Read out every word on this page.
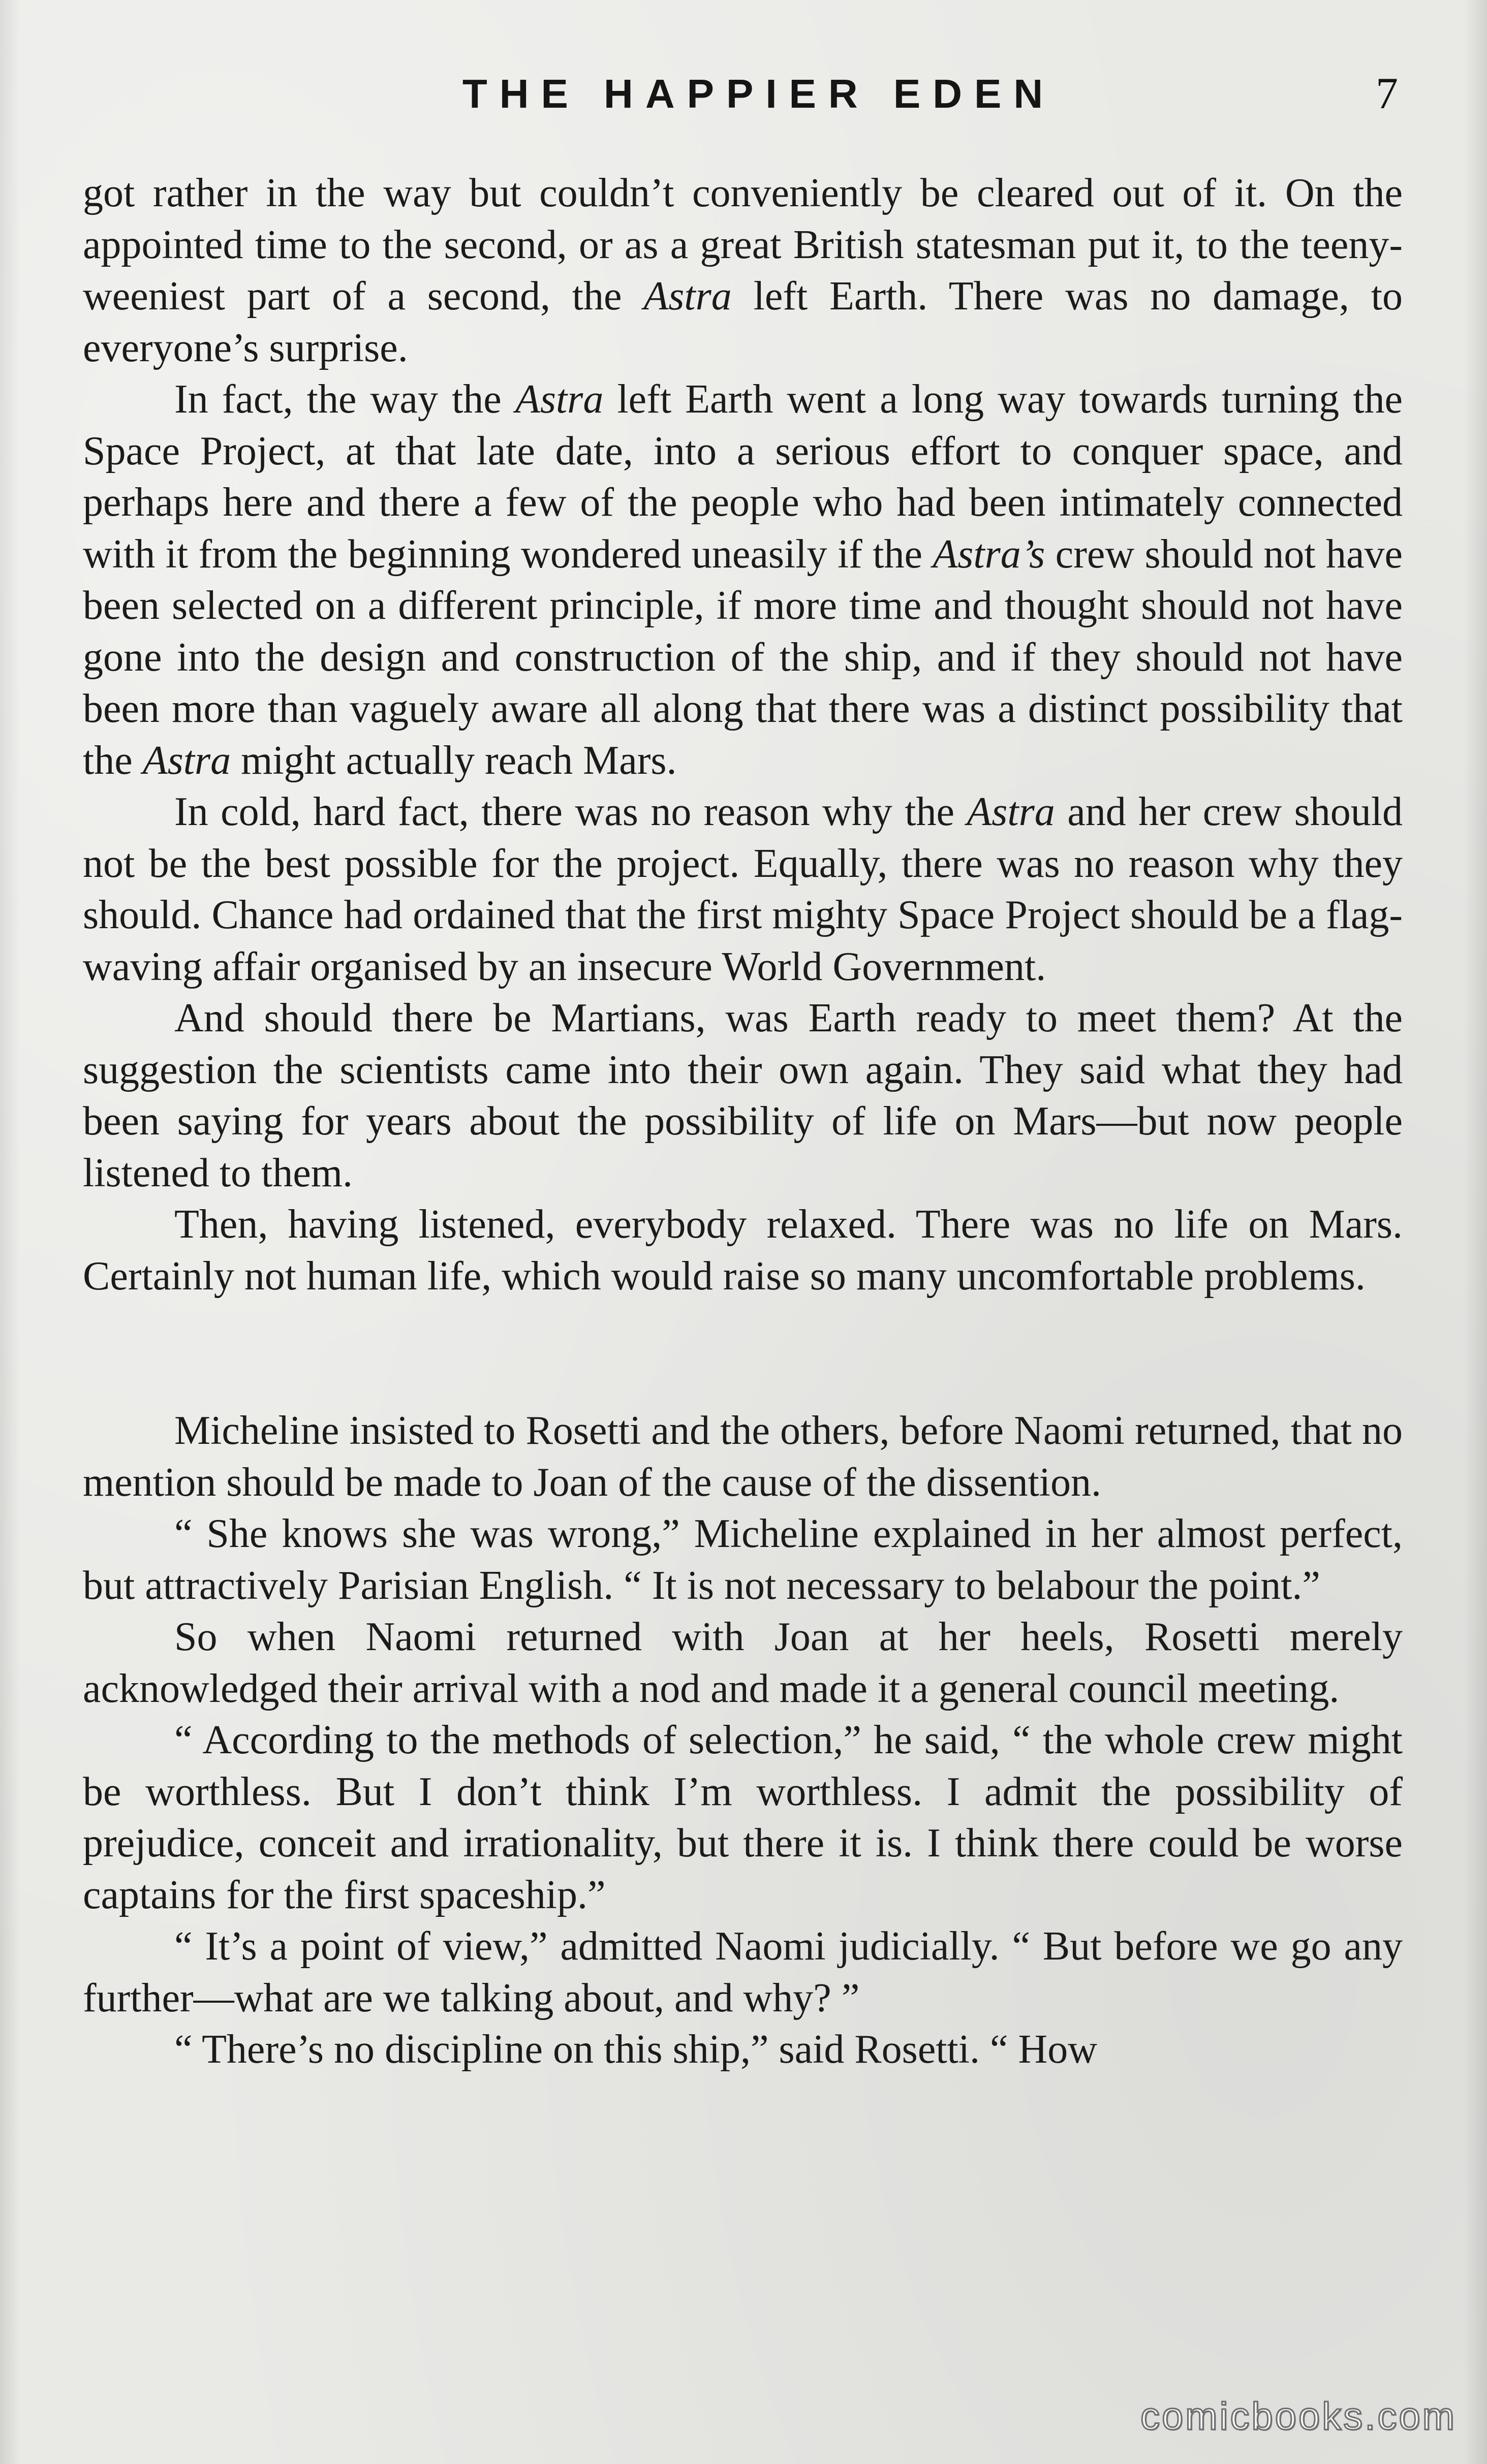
THE HAPPIER EDEN	7

got rather in the way but couldn’t conveniently be cleared out of it. On the appointed time to the second, or as a great British statesman put it, to the teeny-weeniest part of a second, the Astra left Earth. There was no damage, to everyone’s surprise.

In fact, the way the Astra left Earth went a long way towards turning the Space Project, at that late date, into a serious effort to conquer space, and perhaps here and there a few of the people who had been intimately connected with it from the beginning wondered uneasily if the Astra’s crew should not have been selected on a different principle, if more time and thought should not have gone into the design and construction of the ship, and if they should not have been more than vaguely aware all along that there was a distinct possibility that the Astra might actually reach Mars.

In cold, hard fact, there was no reason why the Astra and her crew should not be the best possible for the project. Equally, there was no reason why they should. Chance had ordained that the first mighty Space Project should be a flag-waving affair organised by an insecure World Government.

And should there be Martians, was Earth ready to meet them? At the suggestion the scientists came into their own again. They said what they had been saying for years about the possibility of life on Mars—but now people listened to them.

Then, having listened, everybody relaxed. There was no life on Mars. Certainly not human life, which would raise so many uncomfortable problems.

Micheline insisted to Rosetti and the others, before Naomi returned, that no mention should be made to Joan of the cause of the dissention.

“ She knows she was wrong,” Micheline explained in her almost perfect, but attractively Parisian English. “ It is not necessary to belabour the point.”

So when Naomi returned with Joan at her heels, Rosetti merely acknowledged their arrival with a nod and made it a general council meeting.

“ According to the methods of selection,” he said, “ the whole crew might be worthless. But I don’t think I’m worthless. I admit the possibility of prejudice, conceit and irrationality, but there it is. I think there could be worse captains for the first spaceship.”

“ It’s a point of view,” admitted Naomi judicially. “ But before we go any further—what are we talking about, and why? ”

“ There’s no discipline on this ship,” said Rosetti. “ How

comicbooks.com
